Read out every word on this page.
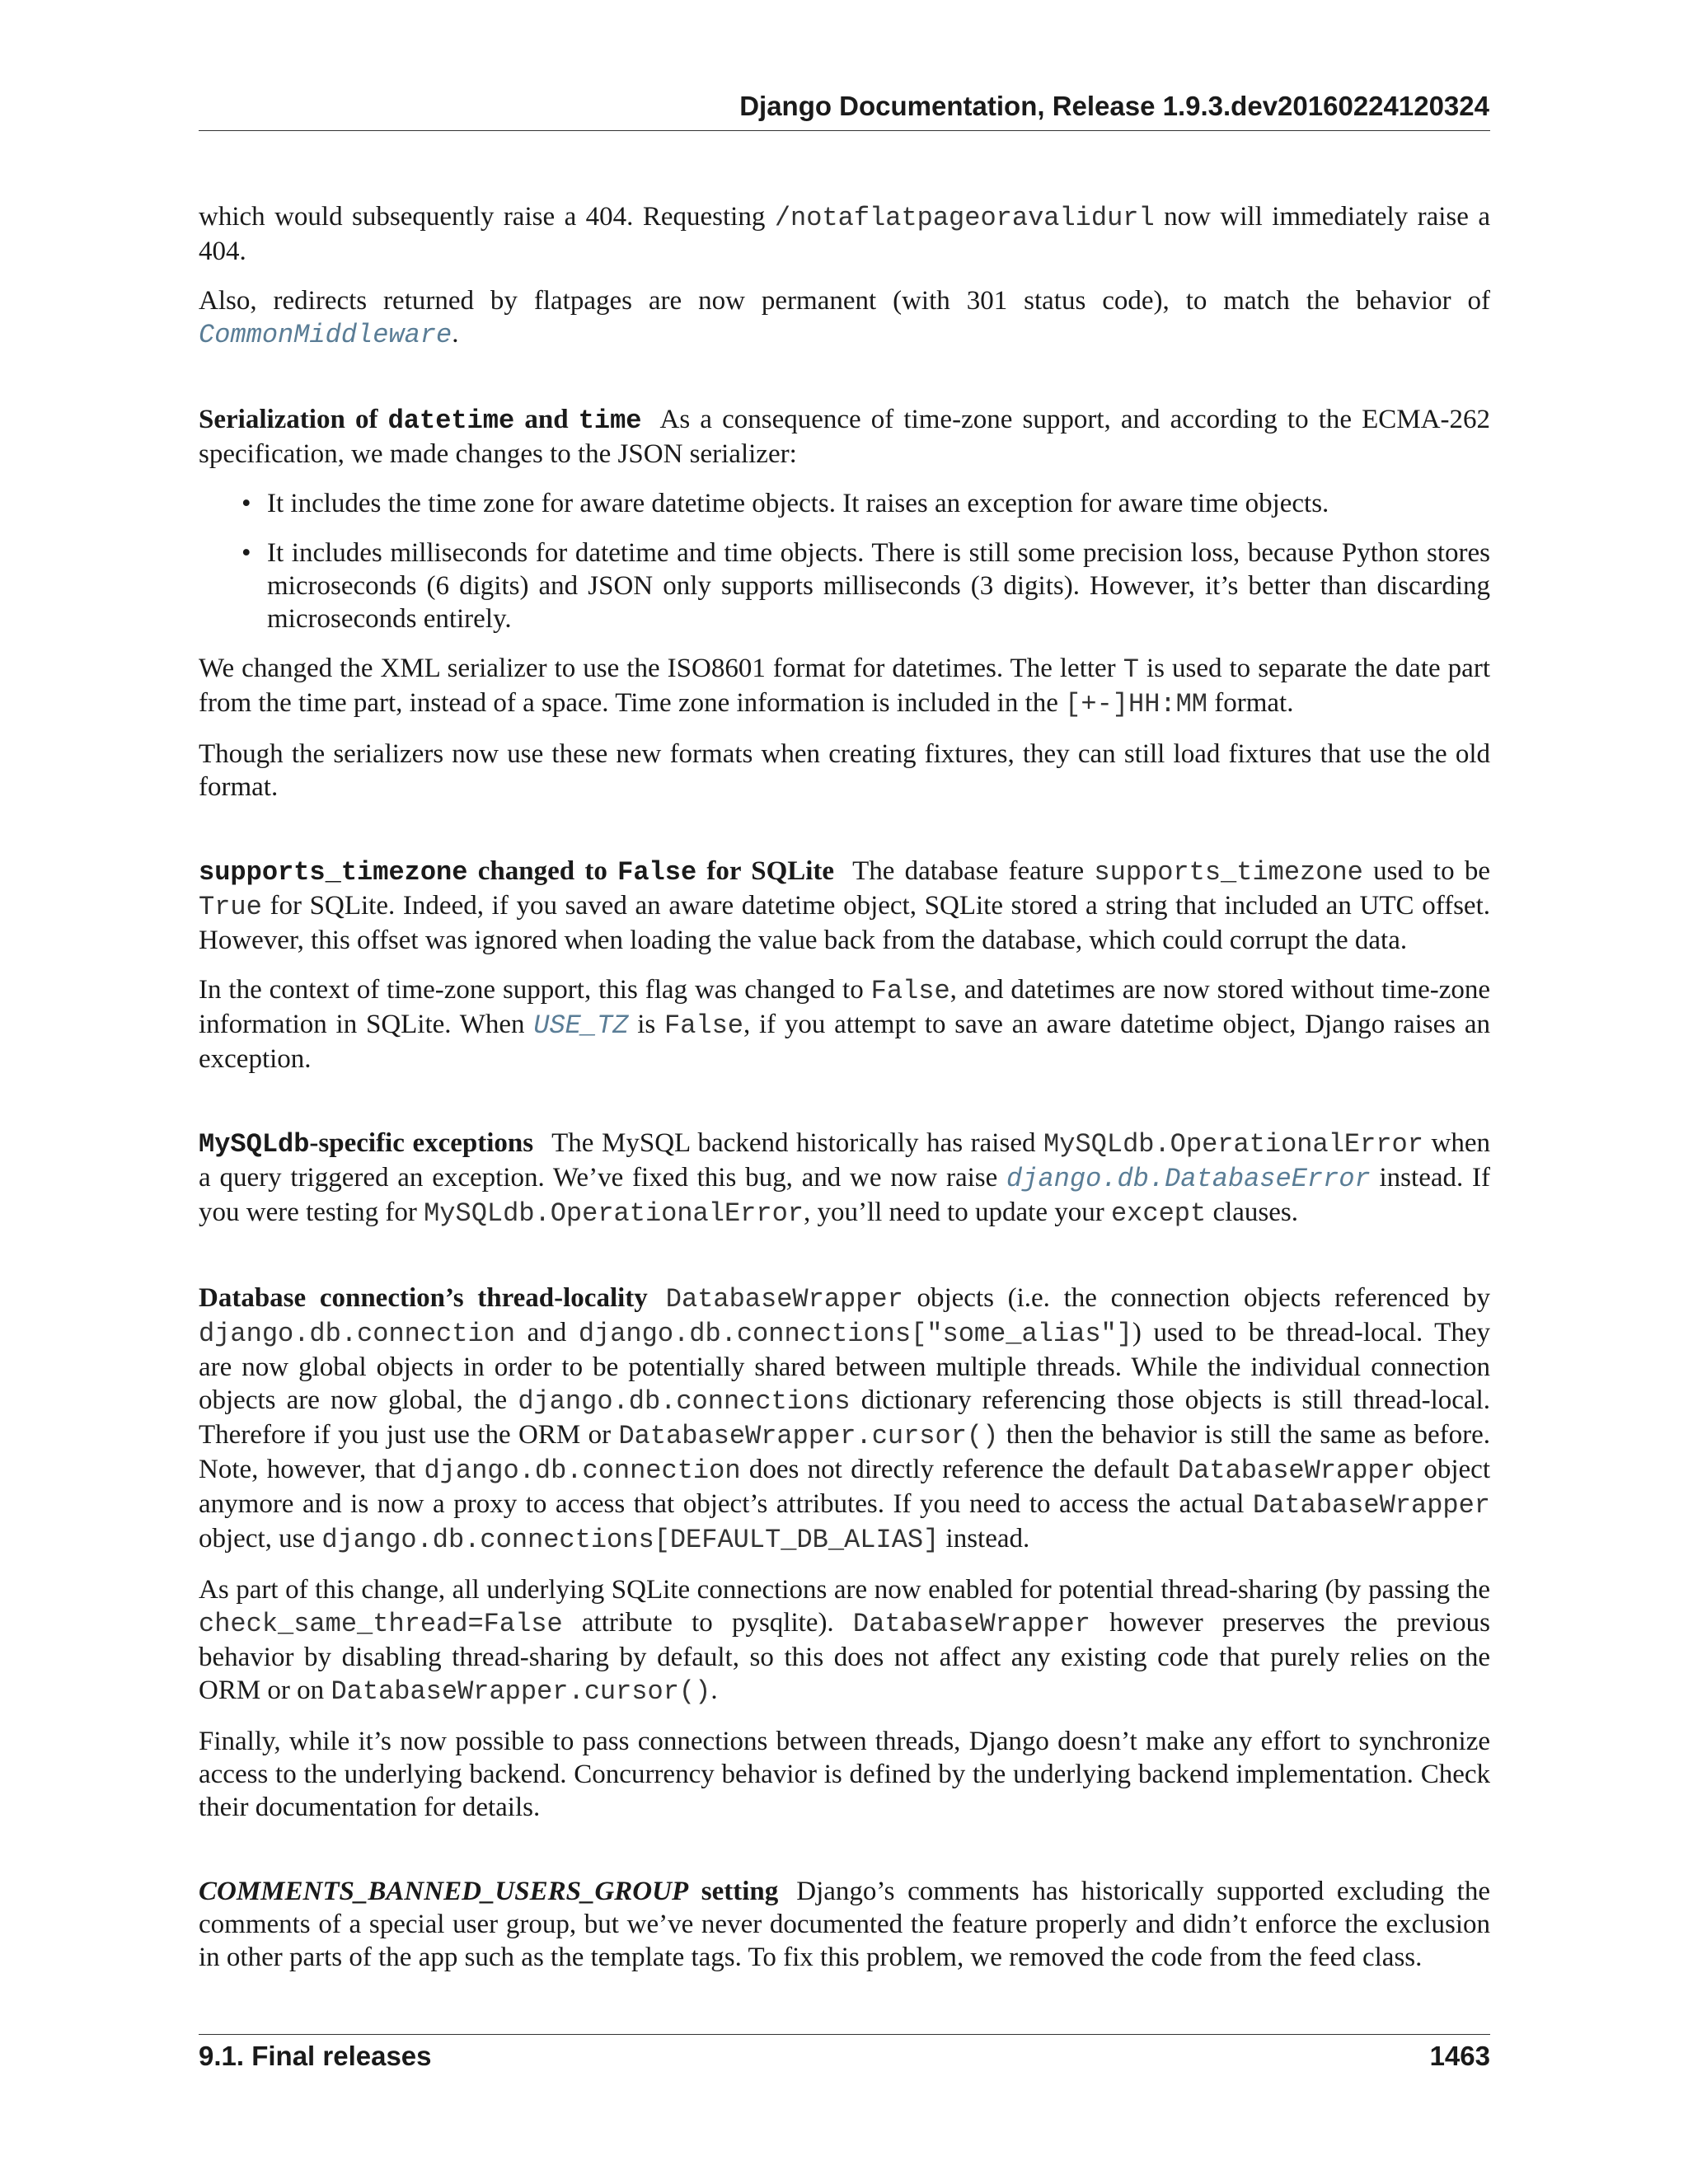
Django Documentation, Release 1.9.3.dev20160224120324

which would subsequently raise a 404. Requesting /notaflatpageoravalidurl now will immediately raise a 404.

Also, redirects returned by flatpages are now permanent (with 301 status code), to match the behavior of CommonMiddleware.

Serialization of datetime and time As a consequence of time-zone support, and according to the ECMA-262 specification, we made changes to the JSON serializer:

• It includes the time zone for aware datetime objects. It raises an exception for aware time objects.
• It includes milliseconds for datetime and time objects. There is still some precision loss, because Python stores microseconds (6 digits) and JSON only supports milliseconds (3 digits). However, it’s better than discarding microseconds entirely.

We changed the XML serializer to use the ISO8601 format for datetimes. The letter T is used to separate the date part from the time part, instead of a space. Time zone information is included in the [+-]HH:MM format.

Though the serializers now use these new formats when creating fixtures, they can still load fixtures that use the old format.

supports_timezone changed to False for SQLite The database feature supports_timezone used to be True for SQLite. Indeed, if you saved an aware datetime object, SQLite stored a string that included an UTC offset. However, this offset was ignored when loading the value back from the database, which could corrupt the data.

In the context of time-zone support, this flag was changed to False, and datetimes are now stored without time-zone information in SQLite. When USE_TZ is False, if you attempt to save an aware datetime object, Django raises an exception.

MySQLdb-specific exceptions The MySQL backend historically has raised MySQLdb.OperationalError when a query triggered an exception. We’ve fixed this bug, and we now raise django.db.DatabaseError instead. If you were testing for MySQLdb.OperationalError, you’ll need to update your except clauses.

Database connection’s thread-locality DatabaseWrapper objects (i.e. the connection objects referenced by django.db.connection and django.db.connections["some_alias"]) used to be thread-local. They are now global objects in order to be potentially shared between multiple threads. While the individual connection objects are now global, the django.db.connections dictionary referencing those objects is still thread-local. Therefore if you just use the ORM or DatabaseWrapper.cursor() then the behavior is still the same as before. Note, however, that django.db.connection does not directly reference the default DatabaseWrapper object anymore and is now a proxy to access that object’s attributes. If you need to access the actual DatabaseWrapper object, use django.db.connections[DEFAULT_DB_ALIAS] instead.

As part of this change, all underlying SQLite connections are now enabled for potential thread-sharing (by passing the check_same_thread=False attribute to pysqlite). DatabaseWrapper however preserves the previous behavior by disabling thread-sharing by default, so this does not affect any existing code that purely relies on the ORM or on DatabaseWrapper.cursor().

Finally, while it’s now possible to pass connections between threads, Django doesn’t make any effort to synchronize access to the underlying backend. Concurrency behavior is defined by the underlying backend implementation. Check their documentation for details.

COMMENTS_BANNED_USERS_GROUP setting Django’s comments has historically supported excluding the comments of a special user group, but we’ve never documented the feature properly and didn’t enforce the exclusion in other parts of the app such as the template tags. To fix this problem, we removed the code from the feed class.

9.1. Final releases	1463
